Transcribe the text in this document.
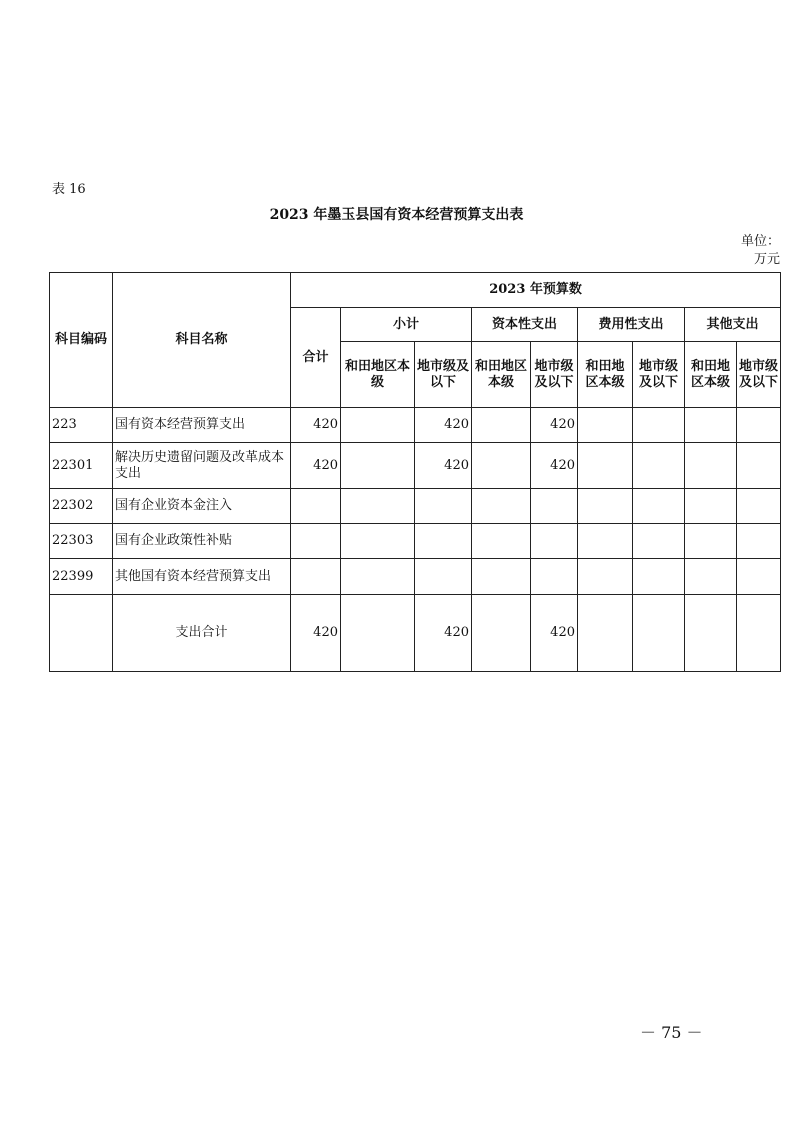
表 16
2023 年墨玉县国有资本经营预算支出表
单位：
万元
科目编码	科目名称	2023 年预算数								
		合计	小计		资本性支出		费用性支出		其他支出	
			和田地区本级	地市级及以下	和田地区本级	地市级及以下	和田地区本级	地市级及以下	和田地区本级	地市级及以下
223	国有资本经营预算支出	420		420		420				
22301	解决历史遗留问题及改革成本支出	420		420		420				
22302	国有企业资本金注入									
22303	国有企业政策性补贴									
22399	其他国有资本经营预算支出									
	支出合计	420		420		420				
－ 75 －
